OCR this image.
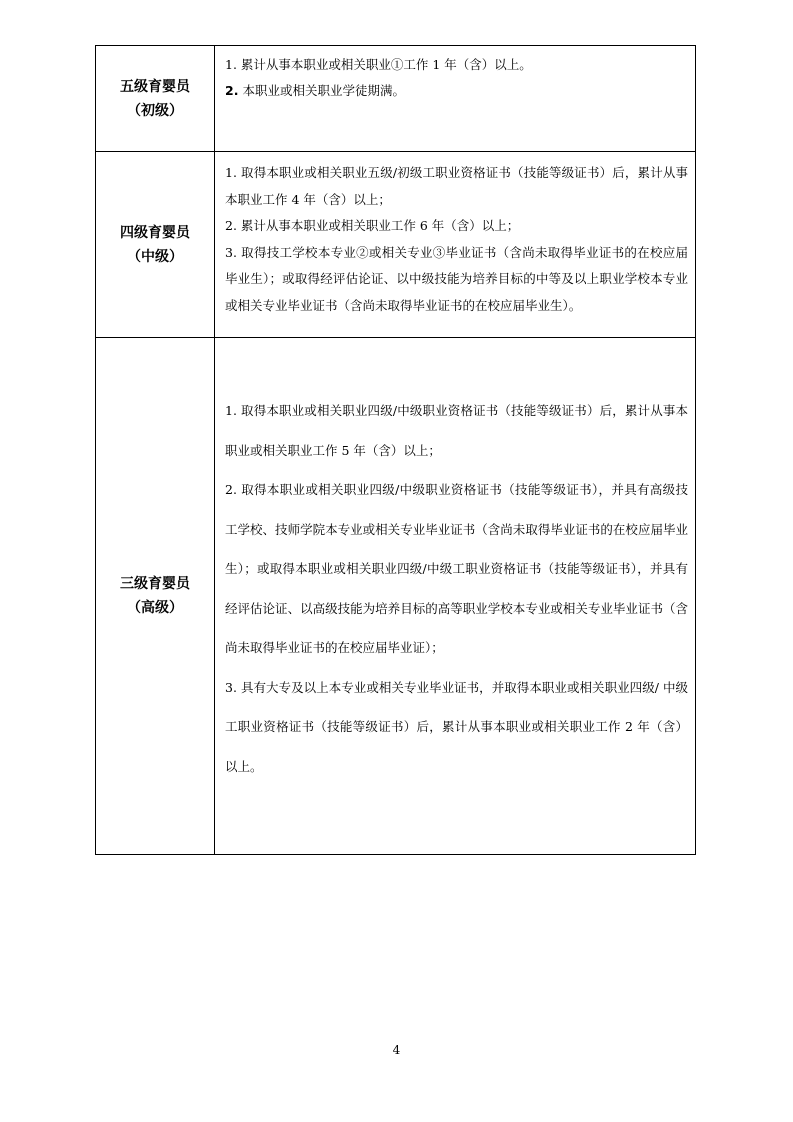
五级育婴员
（初级）	1. 累计从事本职业或相关职业①工作 1 年（含）以上。
2. 本职业或相关职业学徒期满。

四级育婴员
（中级）	1. 取得本职业或相关职业五级/初级工职业资格证书（技能等级证书）后，累计从事本职业工作 4 年（含）以上；
2. 累计从事本职业或相关职业工作 6 年（含）以上；
3. 取得技工学校本专业②或相关专业③毕业证书（含尚未取得毕业证书的在校应届毕业生）；或取得经评估论证、以中级技能为培养目标的中等及以上职业学校本专业或相关专业毕业证书（含尚未取得毕业证书的在校应届毕业生）。

三级育婴员
（高级）	1. 取得本职业或相关职业四级/中级职业资格证书（技能等级证书）后，累计从事本职业或相关职业工作 5 年（含）以上；
2. 取得本职业或相关职业四级/中级职业资格证书（技能等级证书），并具有高级技工学校、技师学院本专业或相关专业毕业证书（含尚未取得毕业证书的在校应届毕业生）；或取得本职业或相关职业四级/中级工职业资格证书（技能等级证书），并具有经评估论证、以高级技能为培养目标的高等职业学校本专业或相关专业毕业证书（含尚未取得毕业证书的在校应届毕业证）；
3. 具有大专及以上本专业或相关专业毕业证书，并取得本职业或相关职业四级/ 中级工职业资格证书（技能等级证书）后，累计从事本职业或相关职业工作 2 年（含）以上。
4
